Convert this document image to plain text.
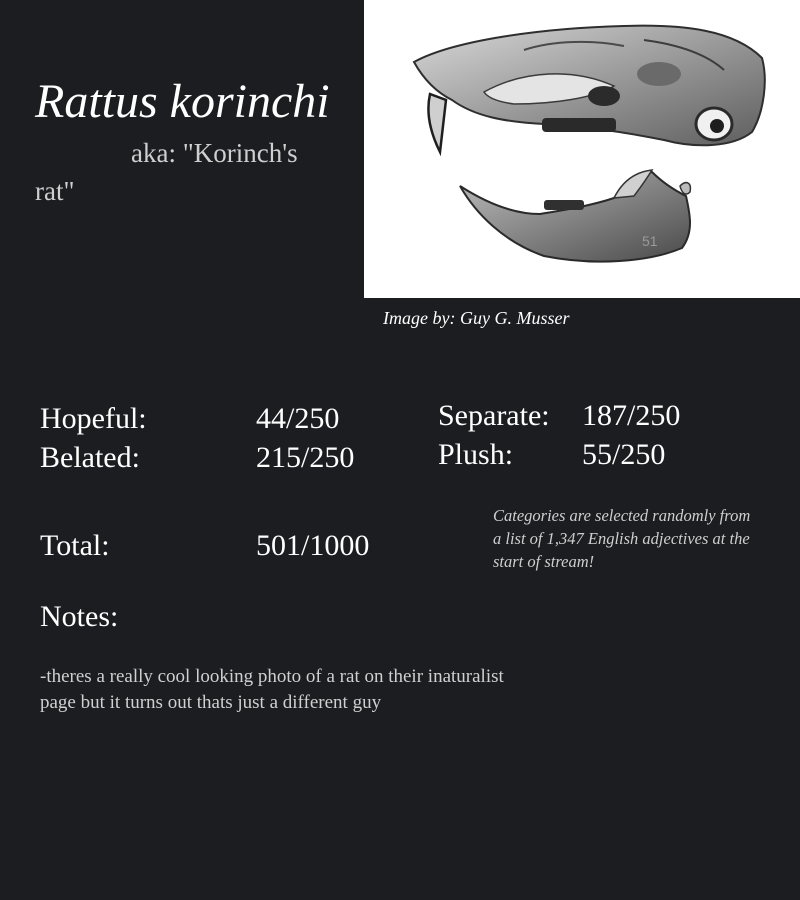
Rattus korinchi
aka: "Korinch's rat"
51
Image by: Guy G. Musser
Hopeful:	44/250
Belated:	215/250
Separate: 187/250
Plush: 55/250
Total:	501/1000
Categories are selected randomly from a list of 1,347 English adjectives at the start of stream!
Notes:
-theres a really cool looking photo of a rat on their inaturalist page but it turns out thats just a different guy
